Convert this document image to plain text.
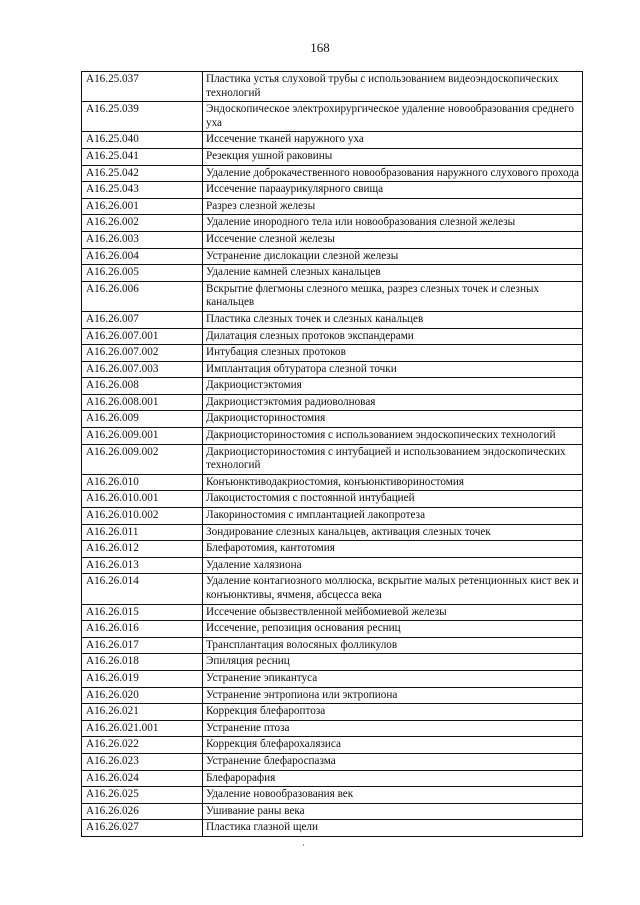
168
A16.25.037	Пластика устья слуховой трубы с использованием видеоэндоскопических технологий
A16.25.039	Эндоскопическое электрохирургическое удаление новообразования среднего уха
A16.25.040	Иссечение тканей наружного уха
A16.25.041	Резекция ушной раковины
A16.25.042	Удаление доброкачественного новообразования наружного слухового прохода
A16.25.043	Иссечение парааурикулярного свища
A16.26.001	Разрез слезной железы
A16.26.002	Удаление инородного тела или новообразования слезной железы
A16.26.003	Иссечение слезной железы
A16.26.004	Устранение дислокации слезной железы
A16.26.005	Удаление камней слезных канальцев
A16.26.006	Вскрытие флегмоны слезного мешка, разрез слезных точек и слезных канальцев
A16.26.007	Пластика слезных точек и слезных канальцев
A16.26.007.001	Дилатация слезных протоков экспандерами
A16.26.007.002	Интубация слезных протоков
A16.26.007.003	Имплантация обтуратора слезной точки
A16.26.008	Дакриоцистэктомия
A16.26.008.001	Дакриоцистэктомия радиоволновая
A16.26.009	Дакриоцисториностомия
A16.26.009.001	Дакриоцисториностомия с использованием эндоскопических технологий
A16.26.009.002	Дакриоцисториностомия с интубацией и использованием эндоскопических технологий
A16.26.010	Конъюнктиводакриостомия, конъюнктивориностомия
A16.26.010.001	Лакоцистостомия с постоянной интубацией
A16.26.010.002	Лакориностомия с имплантацией лакопротеза
A16.26.011	Зондирование слезных канальцев, активация слезных точек
A16.26.012	Блефаротомия, кантотомия
A16.26.013	Удаление халязиона
A16.26.014	Удаление контагиозного моллюска, вскрытие малых ретенционных кист век и конъюнктивы, ячменя, абсцесса века
A16.26.015	Иссечение обызвествленной мейбомиевой железы
A16.26.016	Иссечение, репозиция основания ресниц
A16.26.017	Трансплантация волосяных фолликулов
A16.26.018	Эпиляция ресниц
A16.26.019	Устранение эпикантуса
A16.26.020	Устранение энтропиона или эктропиона
A16.26.021	Коррекция блефароптоза
A16.26.021.001	Устранение птоза
A16.26.022	Коррекция блефарохалязиса
A16.26.023	Устранение блефароспазма
A16.26.024	Блефарорафия
A16.26.025	Удаление новообразования век
A16.26.026	Ушивание раны века
A16.26.027	Пластика глазной щели
·
